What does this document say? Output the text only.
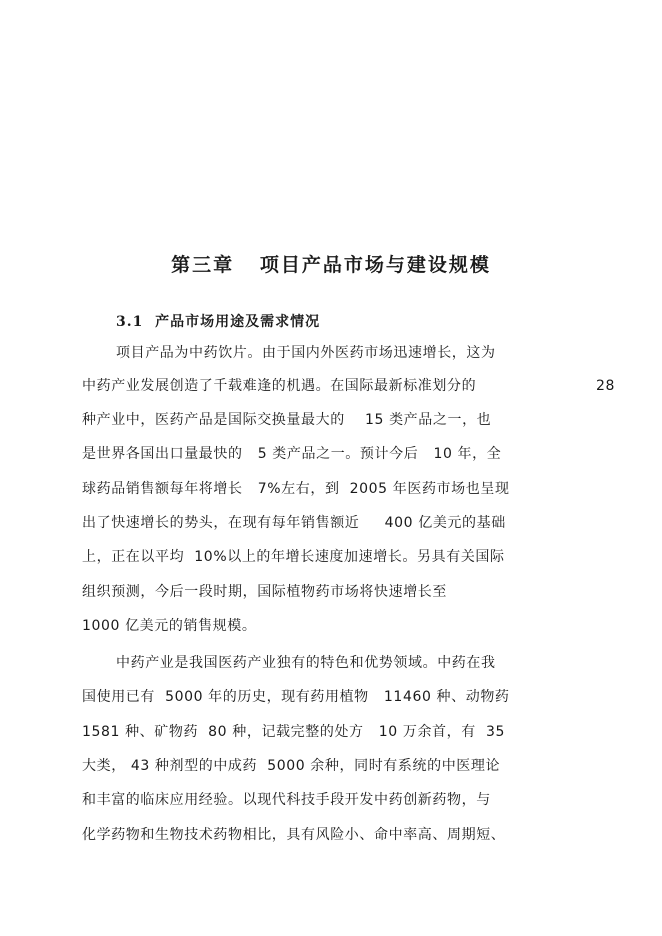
第三章   项目产品市场与建设规模
3.1  产品市场用途及需求情况
项目产品为中药饮片。由于国内外医药市场迅速增长，这为
中药产业发展创造了千载难逢的机遇。在国际最新标准划分的	28
种产业中，医药产品是国际交换量最大的    15 类产品之一，也
是世界各国出口量最快的   5 类产品之一。预计今后   10 年，全
球药品销售额每年将增长   7%左右，到  2005 年医药市场也呈现
出了快速增长的势头，在现有每年销售额近     400 亿美元的基础
上，正在以平均  10%以上的年增长速度加速增长。另具有关国际
组织预测，今后一段时期，国际植物药市场将快速增长至
1000 亿美元的销售规模。
中药产业是我国医药产业独有的特色和优势领域。中药在我
国使用已有  5000 年的历史，现有药用植物   11460 种、动物药
1581 种、矿物药  80 种，记载完整的处方   10 万余首，有  35
大类， 43 种剂型的中成药  5000 余种，同时有系统的中医理论
和丰富的临床应用经验。以现代科技手段开发中药创新药物，与
化学药物和生物技术药物相比，具有风险小、命中率高、周期短、
